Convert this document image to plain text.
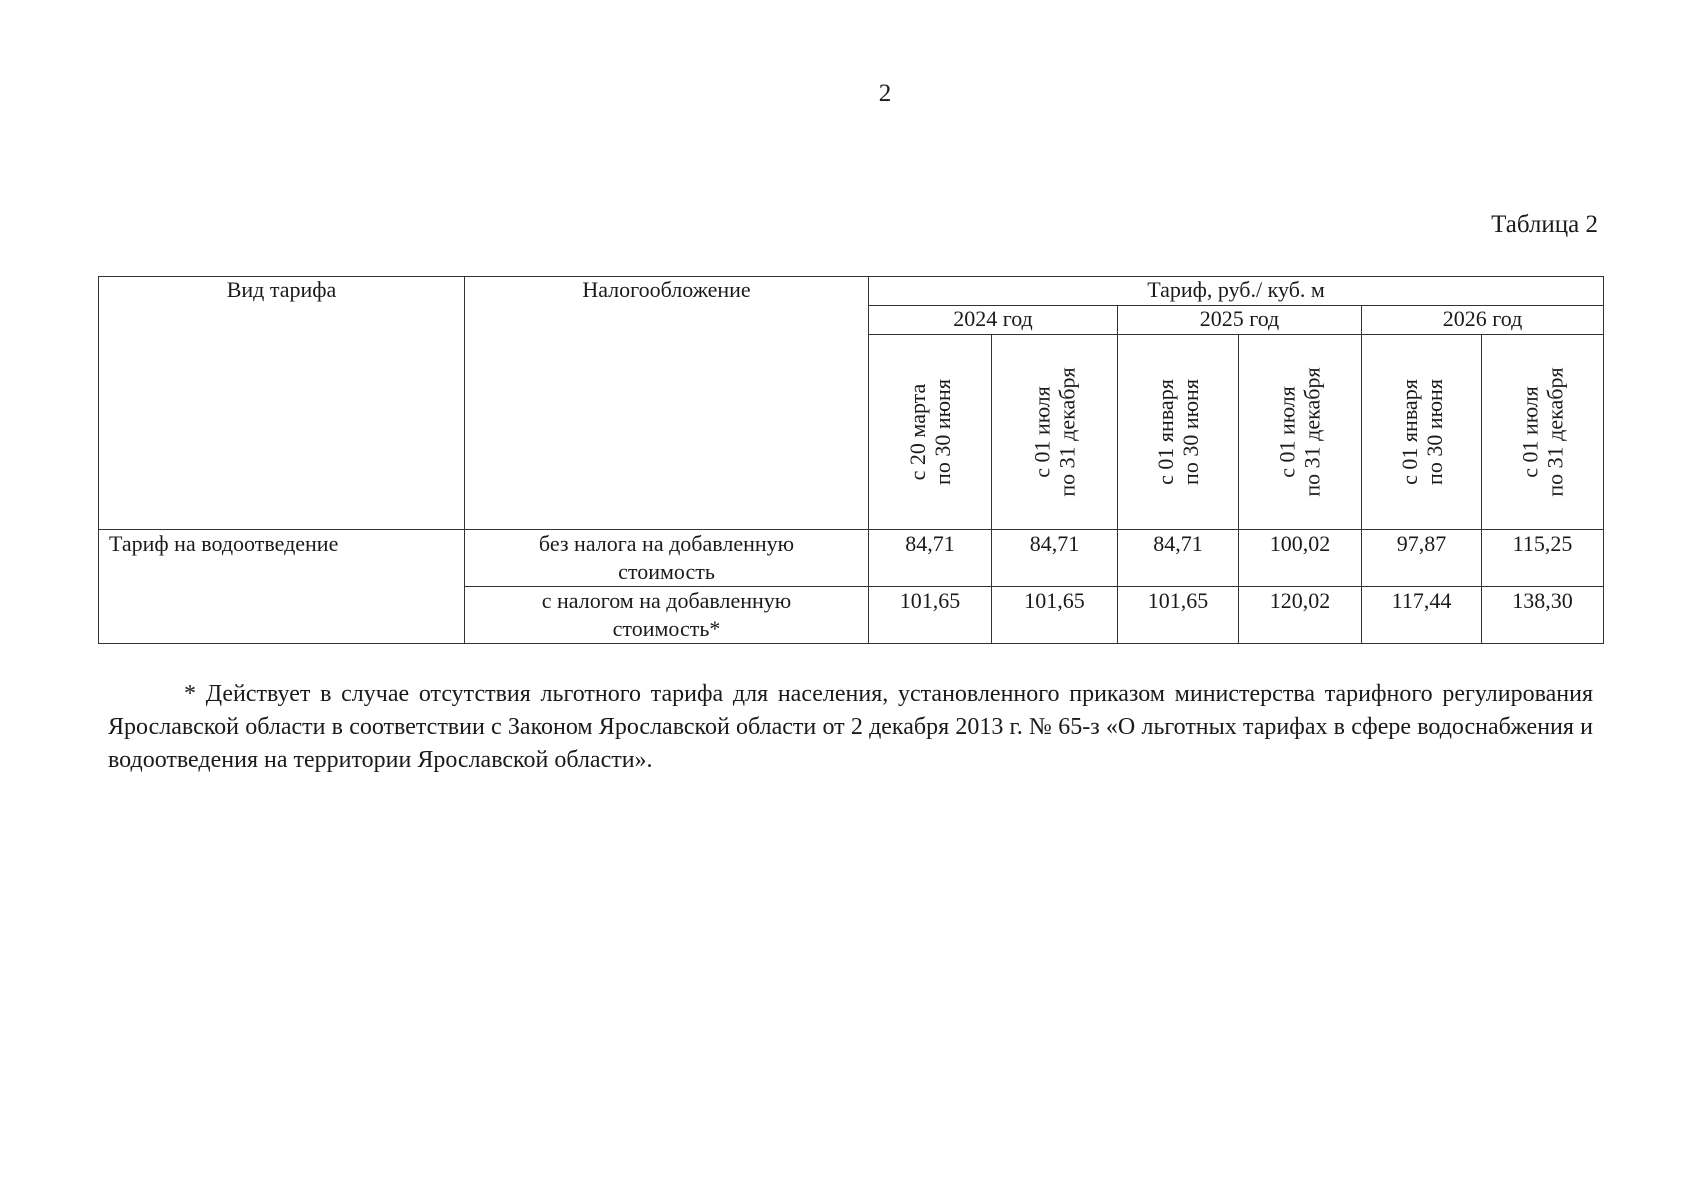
2
Таблица 2
Вид тарифа	Налогообложение	Тариф, руб./ куб. м					
		2024 год		2025 год		2026 год	

		с 20 марта по 30 июня	с 01 июля по 31 декабря	с 01 января по 30 июня	с 01 июля по 31 декабря	с 01 января по 30 июня	с 01 июля по 31 декабря

Тариф на водоотведение	без налога на добавленную
стоимость	84,71	84,71	84,71	100,02	97,87	115,25

	с налогом на добавленную
стоимость*	101,65	101,65	101,65	120,02	117,44	138,30
* Действует в случае отсутствия льготного тарифа для населения, установленного приказом министерства тарифного регулирования Ярославской области в соответствии с Законом Ярославской области от 2 декабря 2013 г. № 65-з «О льготных тарифах в сфере водоснабжения и водоотведения на территории Ярославской области».
